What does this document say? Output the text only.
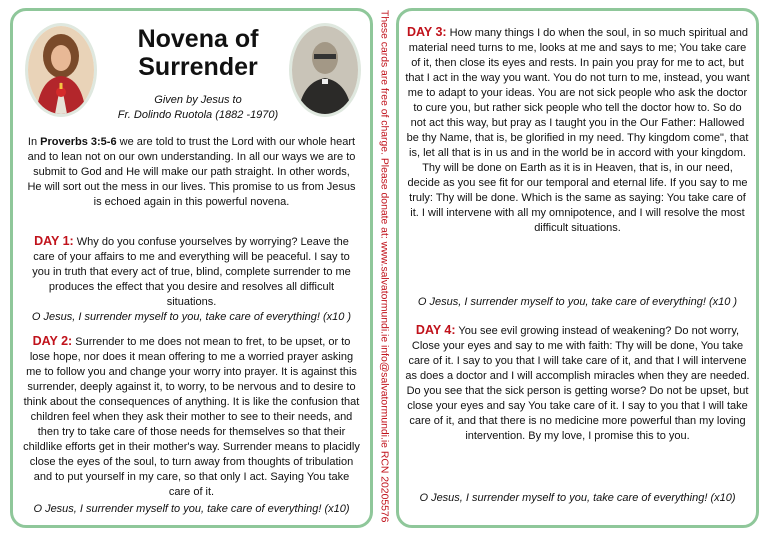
Novena of
Surrender
Given by Jesus to
Fr. Dolindo Ruotola (1882 -1970)
In Proverbs 3:5-6 we are told to trust the Lord with our whole heart and to lean not on our own understanding. In all our ways we are to submit to God and He will make our path straight. In other words, He will sort out the mess in our lives. This promise to us from Jesus is echoed again in this powerful novena.
DAY 1: Why do you confuse yourselves by worrying? Leave the care of your affairs to me and everything will be peaceful. I say to you in truth that every act of true, blind, complete surrender to me produces the effect that you desire and resolves all difficult situations.
O Jesus, I surrender myself to you, take care of everything! (x10 )
DAY 2: Surrender to me does not mean to fret, to be upset, or to lose hope, nor does it mean offering to me a worried prayer asking me to follow you and change your worry into prayer. It is against this surrender, deeply against it, to worry, to be nervous and to desire to think about the consequences of anything. It is like the confusion that children feel when they ask their mother to see to their needs, and then try to take care of those needs for themselves so that their childlike efforts get in their mother's way. Surrender means to placidly close the eyes of the soul, to turn away from thoughts of tribulation and to put yourself in my care, so that only I act. Saying You take care of it.
O Jesus, I surrender myself to you, take care of everything! (x10)	These cards are free of charge. Please donate at: www.salvatormundi.ie info@salvatormundi.ie RCN 20205576 DAY 3: How many things I do when the soul, in so much spiritual and material need turns to me, looks at me and says to me; You take care of it, then close its eyes and rests. In pain you pray for me to act, but that I act in the way you want. You do not turn to me, instead, you want me to adapt to your ideas. You are not sick people who ask the doctor to cure you, but rather sick people who tell the doctor how to. So do not act this way, but pray as I taught you in the Our Father: Hallowed be thy Name, that is, be glorified in my need. Thy kingdom come", that is, let all that is in us and in the world be in accord with your kingdom. Thy will be done on Earth as it is in Heaven, that is, in our need, decide as you see fit for our temporal and eternal life. If you say to me truly: Thy will be done. Which is the same as saying: You take care of it. I will intervene with all my omnipotence, and I will resolve the most difficult situations.
O Jesus, I surrender myself to you, take care of everything! (x10 )
DAY 4: You see evil growing instead of weakening? Do not worry, Close your eyes and say to me with faith: Thy will be done, You take care of it. I say to you that I will take care of it, and that I will intervene as does a doctor and I will accomplish miracles when they are needed. Do you see that the sick person is getting worse? Do not be upset, but close your eyes and say You take care of it. I say to you that I will take care of it, and that there is no medicine more powerful than my loving intervention. By my love, I promise this to you.
O Jesus, I surrender myself to you, take care of everything! (x10)
